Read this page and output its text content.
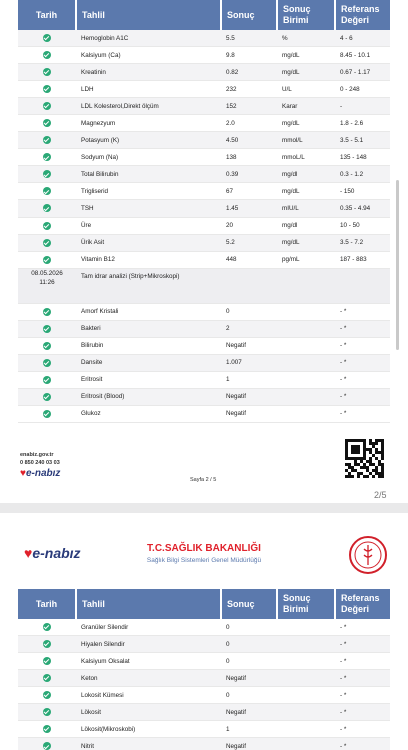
Tarih	Tahlil	Sonuç	Sonuç Birimi	Referans Değeri
	Hemoglobin A1C	5.5	%	4 - 6
	Kalsiyum (Ca)	9.8	mg/dL	8.45 - 10.1
	Kreatinin	0.82	mg/dL	0.67 - 1.17
	LDH	232	U/L	0 - 248
	LDL Kolesterol,Direkt ölçüm	152	Karar	-
	Magnezyum	2.0	mg/dL	1.8 - 2.6
	Potasyum (K)	4.50	mmol/L	3.5 - 5.1
	Sodyum (Na)	138	mmoL/L	135 - 148
	Total Bilirubin	0.39	mg/dl	0.3 - 1.2
	Trigliserid	67	mg/dL	- 150
	TSH	1.45	mIU/L	0.35 - 4.94
	Üre	20	mg/dl	10 - 50
	Ürik Asit	5.2	mg/dL	3.5 - 7.2
	Vitamin B12	448	pg/mL	187 - 883
08.05.2026
11:26	Tam idrar analizi (Strip+Mikroskopi)			
	Amorf Kristali	0		- *
	Bakteri	2		- *
	Bilirubin	Negatif		- *
	Dansite	1.007		- *
	Eritrosit	1		- *
	Eritrosit (Blood)	Negatif		- *
	Glukoz	Negatif		- *
enabiz.gov.tr
0 850 240 03 03
♥e-nabız
Sayfa 2 / 5
2/5
♥e-nabız	T.C.SAĞLIK BAKANLIĞI
Sağlık Bilgi Sistemleri Genel Müdürlüğü
Tarih	Tahlil	Sonuç	Sonuç Birimi	Referans Değeri
	Granüler Silendir	0		- *
	Hiyalen Silendir	0		- *
	Kalsiyum Oksalat	0		- *
	Keton	Negatif		- *
	Lokosit Kümesi	0		- *
	Lökosit	Negatif		- *
	Lökosit(Mikroskobi)	1		- *
	Nitrit	Negatif		- *
